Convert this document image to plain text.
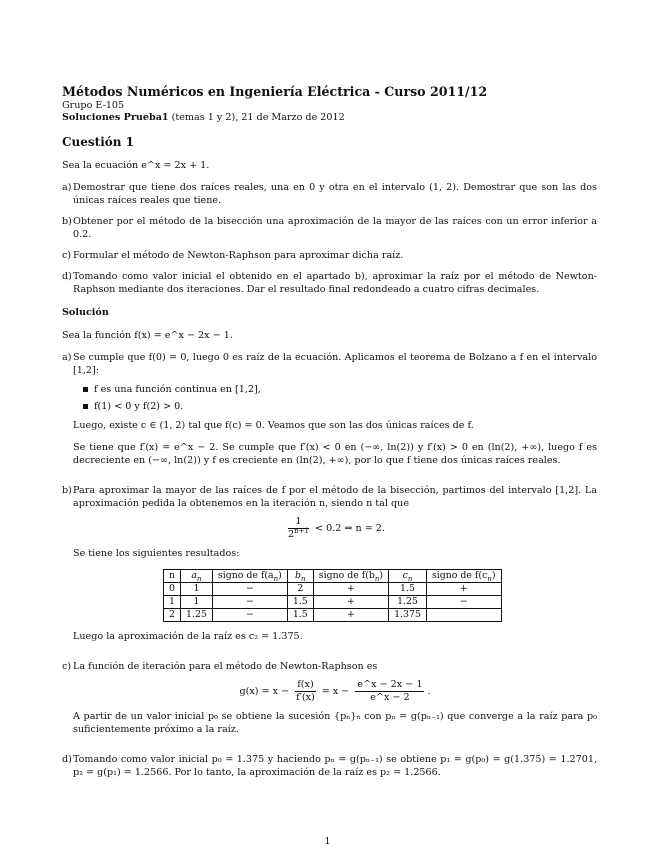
Métodos Numéricos en Ingeniería Eléctrica - Curso 2011/12

Grupo E-105

Soluciones Prueba1 (temas 1 y 2), 21 de Marzo de 2012

Cuestión 1

Sea la ecuación e^x = 2x + 1.

a) Demostrar que tiene dos raíces reales, una en 0 y otra en el intervalo (1, 2). Demostrar que son las dos únicas raíces reales que tiene.
b) Obtener por el método de la bisección una aproximación de la mayor de las raíces con un error inferior a 0.2.
c) Formular el método de Newton-Raphson para aproximar dicha raíz.
d) Tomando como valor inicial el obtenido en el apartado b), aproximar la raíz por el método de Newton-Raphson mediante dos iteraciones. Dar el resultado final redondeado a cuatro cifras decimales.
Solución

Sea la función f(x) = e^x − 2x − 1.

a) Se cumple que f(0) = 0, luego 0 es raíz de la ecuación. Aplicamos el teorema de Bolzano a f en el intervalo [1,2]:
f es una función continua en [1,2],
f(1) < 0 y f(2) > 0.

Luego, existe c ∈ (1, 2) tal que f(c) = 0. Veamos que son las dos únicas raíces de f.

Se tiene que f′(x) = e^x − 2. Se cumple que f′(x) < 0 en (−∞, ln(2)) y f′(x) > 0 en (ln(2), +∞), luego f es decreciente en (−∞, ln(2)) y f es creciente en (ln(2), +∞), por lo que f tiene dos únicas raíces reales.

b) Para aproximar la mayor de las raíces de f por el método de la bisección, partimos del intervalo [1,2]. La aproximación pedida la obtenemos en la iteración n, siendo n tal que
$\frac{1}{2^{n+1}} < 0.2$ ⇒ n = 2.

Se tiene los siguientes resultados:

n	$a_n$	signo de $f(a_n)$	$b_n$	signo de $f(b_n)$	$c_n$	signo de $f(c_n)$
0	1	−	2	+	1.5	+
1	1	−	1.5	+	1.25	−
2	1.25	−	1.5	+	1.375	

Luego la aproximación de la raíz es c₂ = 1.375.

c) La función de iteración para el método de Newton-Raphson es
$g(x) = x - \frac{f(x)}{f'(x)} = x - \frac{e\^{}x - 2x - 1}{e\^{}x - 2}$ .

A partir de un valor inicial p₀ se obtiene la sucesión {pₙ}ₙ con pₙ = g(pₙ₋₁) que converge a la raíz para p₀ suficientemente próximo a la raíz.

d) Tomando como valor inicial p₀ = 1.375 y haciendo pₙ = g(pₙ₋₁) se obtiene p₁ = g(p₀) = g(1.375) = 1.2701, p₂ = g(p₁) = 1.2566. Por lo tanto, la aproximación de la raíz es p₂ = 1.2566.
1
